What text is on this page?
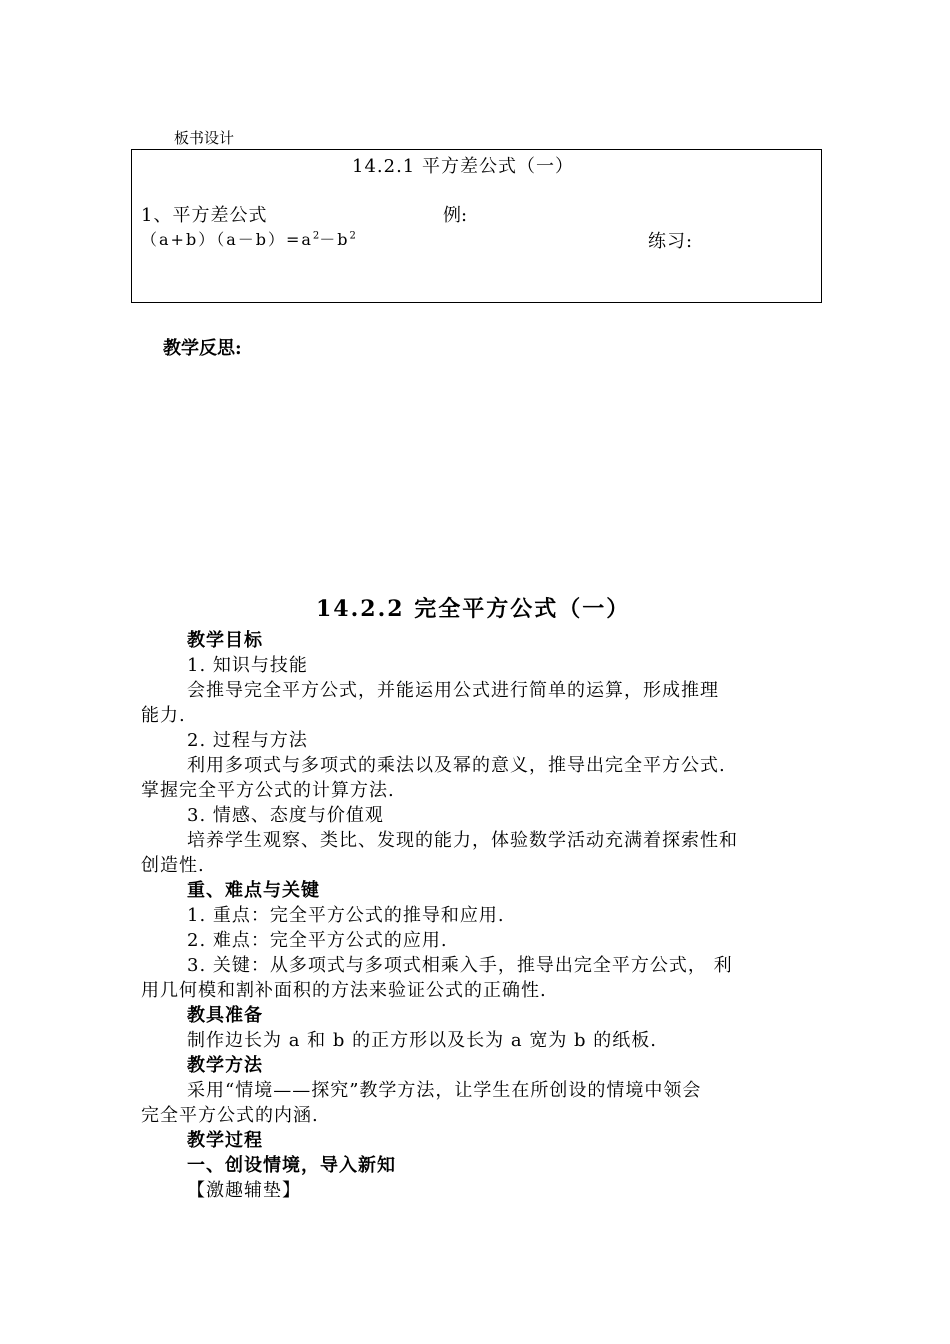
板书设计
14.2.1 平方差公式（一）
1、平方差公式	例:
$(a+b)(a-b)=a^2-b^2$	练习:
教学反思:
14.2.2 完全平方公式（一）
教学目标
1. 知识与技能
会推导完全平方公式，并能运用公式进行简单的运算，形成推理
能力.
2. 过程与方法
利用多项式与多项式的乘法以及幂的意义，推导出完全平方公式.
掌握完全平方公式的计算方法.
3. 情感、态度与价值观
培养学生观察、类比、发现的能力，体验数学活动充满着探索性和
创造性.
重、难点与关键
1. 重点：完全平方公式的推导和应用.
2. 难点：完全平方公式的应用.
3. 关键：从多项式与多项式相乘入手，推导出完全平方公式， 利
用几何模和割补面积的方法来验证公式的正确性.
教具准备
制作边长为 a 和 b 的正方形以及长为 a 宽为 b 的纸板.
教学方法
采用“情境——探究”教学方法，让学生在所创设的情境中领会
完全平方公式的内涵.
教学过程
一、创设情境，导入新知
【激趣辅垫】
